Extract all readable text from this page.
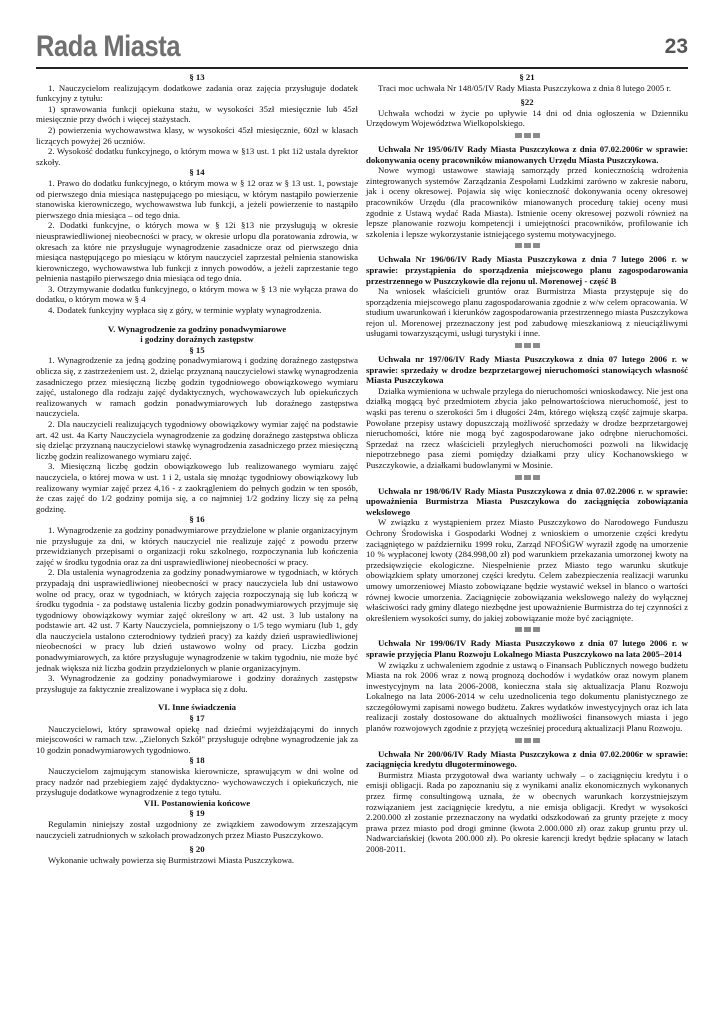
Rada Miasta	23

§ 13

1. Nauczycielom realizującym dodatkowe zadania oraz zajęcia przysługuje dodatek funkcyjny z tytułu:

1) sprawowania funkcji opiekuna stażu, w wysokości 35zł miesięcznie lub 45zł miesięcznie przy dwóch i więcej stażystach.

2) powierzenia wychowawstwa klasy, w wysokości 45zł miesięcznie, 60zł w klasach liczących powyżej 26 uczniów.

2. Wysokość dodatku funkcyjnego, o którym mowa w §13 ust. 1 pkt 1i2 ustala dyrektor szkoły.

§ 14

1. Prawo do dodatku funkcyjnego, o którym mowa w § 12 oraz w § 13 ust. 1, powstaje od pierwszego dnia miesiąca następującego po miesiącu, w którym nastąpiło powierzenie stanowiska kierowniczego, wychowawstwa lub funkcji, a jeżeli powierzenie to nastąpiło pierwszego dnia miesiąca – od tego dnia.

2. Dodatki funkcyjne, o których mowa w § 12i §13 nie przysługują w okresie nieusprawiedliwionej nieobecności w pracy, w okresie urlopu dla poratowania zdrowia, w okresach za które nie przysługuje wynagrodzenie zasadnicze oraz od pierwszego dnia miesiąca następującego po miesiącu w którym nauczyciel zaprzestał pełnienia stanowiska kierowniczego, wychowawstwa lub funkcji z innych powodów, a jeżeli zaprzestanie tego pełnienia nastąpiło pierwszego dnia miesiąca od tego dnia.

3. Otrzymywanie dodatku funkcyjnego, o którym mowa w § 13 nie wyłącza prawa do dodatku, o którym mowa w § 4

4. Dodatek funkcyjny wypłaca się z góry, w terminie wypłaty wynagrodzenia.

V. Wynagrodzenie za godziny ponadwymiarowe

i godziny doraźnych zastępstw

§ 15

1. Wynagrodzenie za jedną godzinę ponadwymiarową i godzinę doraźnego zastępstwa oblicza się, z zastrzeżeniem ust. 2, dzieląc przyznaną nauczycielowi stawkę wynagrodzenia zasadniczego przez miesięczną liczbę godzin tygodniowego obowiązkowego wymiaru zajęć, ustalonego dla rodzaju zajęć dydaktycznych, wychowawczych lub opiekuńczych realizowanych w ramach godzin ponadwymiarowych lub doraźnego zastępstwa nauczyciela.

2. Dla nauczycieli realizujących tygodniowy obowiązkowy wymiar zajęć na podstawie art. 42 ust. 4a Karty Nauczyciela wynagrodzenie za godzinę doraźnego zastępstwa oblicza się dzieląc przyznaną nauczycielowi stawkę wynagrodzenia zasadniczego przez miesięczną liczbę godzin realizowanego wymiaru zajęć.

3. Miesięczną liczbę godzin obowiązkowego lub realizowanego wymiaru zajęć nauczyciela, o której mowa w ust. 1 i 2, ustala się mnożąc tygodniowy obowiązkowy lub realizowany wymiar zajęć przez 4,16 - z zaokrągleniem do pełnych godzin w ten sposób, że czas zajęć do 1/2 godziny pomija się, a co najmniej 1/2 godziny liczy się za pełną godzinę.

§ 16

1. Wynagrodzenie za godziny ponadwymiarowe przydzielone w planie organizacyjnym nie przysługuje za dni, w których nauczyciel nie realizuje zajęć z powodu przerw przewidzianych przepisami o organizacji roku szkolnego, rozpoczynania lub kończenia zajęć w środku tygodnia oraz za dni usprawiedliwionej nieobecności w pracy.

2. Dla ustalenia wynagrodzenia za godziny ponadwymiarowe w tygodniach, w których przypadają dni usprawiedliwionej nieobecności w pracy nauczyciela lub dni ustawowo wolne od pracy, oraz w tygodniach, w których zajęcia rozpoczynają się lub kończą w środku tygodnia - za podstawę ustalenia liczby godzin ponadwymiarowych przyjmuje się tygodniowy obowiązkowy wymiar zajęć określony w art. 42 ust. 3 lub ustalony na podstawie art. 42 ust. 7 Karty Nauczyciela, pomniejszony o 1/5 tego wymiaru (lub 1, gdy dla nauczyciela ustalono czterodniowy tydzień pracy) za każdy dzień usprawiedliwionej nieobecności w pracy lub dzień ustawowo wolny od pracy. Liczba godzin ponadwymiarowych, za które przysługuje wynagrodzenie w takim tygodniu, nie może być jednak większa niż liczba godzin przydzielonych w planie organizacyjnym.

3. Wynagrodzenie za godziny ponadwymiarowe i godziny doraźnych zastępstw przysługuje za faktycznie zrealizowane i wypłaca się z dołu.

VI. Inne świadczenia

§ 17

Nauczycielowi, który sprawował opiekę nad dziećmi wyjeżdżającymi do innych miejscowości w ramach tzw. „Zielonych Szkół" przysługuje odrębne wynagrodzenie jak za 10 godzin ponadwymiarowych tygodniowo.

§ 18

Nauczycielom zajmującym stanowiska kierownicze, sprawującym w dni wolne od pracy nadzór nad przebiegiem zajęć dydaktyczno- wychowawczych i opiekuńczych, nie przysługuje dodatkowe wynagrodzenie z tego tytułu.

VII. Postanowienia końcowe

§ 19

Regulamin niniejszy został uzgodniony ze związkiem zawodowym zrzeszającym nauczycieli zatrudnionych w szkołach prowadzonych przez Miasto Puszczykowo.

§ 20

Wykonanie uchwały powierza się Burmistrzowi Miasta Puszczykowa.

§ 21

Traci moc uchwała Nr 148/05/IV Rady Miasta Puszczykowa z dnia 8 lutego 2005 r.

§22

Uchwała wchodzi w życie po upływie 14 dni od dnia ogłoszenia w Dzienniku Urzędowym Województwa Wielkopolskiego.

Uchwała Nr 195/06/IV Rady Miasta Puszczykowa z dnia 07.02.2006r w sprawie: dokonywania oceny pracowników mianowanych Urzędu Miasta Puszczykowa.

Nowe wymogi ustawowe stawiają samorządy przed koniecznością wdrożenia zintegrowanych systemów Zarządzania Zespołami Ludzkimi zarówno w zakresie naboru, jak i oceny okresowej. Pojawia się więc konieczność dokonywania oceny okresowej pracowników Urzędu (dla pracowników mianowanych procedurę takiej oceny musi zgodnie z Ustawą wydać Rada Miasta). Istnienie oceny okresowej pozwoli również na lepsze planowanie rozwoju kompetencji i umiejętności pracowników, profilowanie ich szkolenia i lepsze wykorzystanie istniejącego systemu motywacyjnego.

Uchwała Nr 196/06/IV Rady Miasta Puszczykowa z dnia 7 lutego 2006 r. w sprawie: przystąpienia do sporządzenia miejscowego planu zagospodarowania przestrzennego w Puszczykowie dla rejonu ul. Morenowej - część B

Na wniosek właścicieli gruntów oraz Burmistrza Miasta przystępuje się do sporządzenia miejscowego planu zagospodarowania zgodnie z w/w celem opracowania. W studium uwarunkowań i kierunków zagospodarowania przestrzennego miasta Puszczykowa rejon ul. Morenowej przeznaczony jest pod zabudowę mieszkaniową z nieuciążliwymi usługami towarzyszącymi, usługi turystyki i inne.

Uchwała nr 197/06/IV Rady Miasta Puszczykowa z dnia 07 lutego 2006 r. w sprawie: sprzedaży w drodze bezprzetargowej nieruchomości stanowiących własność Miasta Puszczykowa

Działka wymieniona w uchwale przylega do nieruchomości wnioskodawcy. Nie jest ona działką mogącą być przedmiotem zbycia jako pełnowartościowa nieruchomość, jest to wąski pas terenu o szerokości 5m i długości 24m, którego większą część zajmuje skarpa. Powołane przepisy ustawy dopuszczają możliwość sprzedaży w drodze bezprzetargowej nieruchomości, które nie mogą być zagospodarowane jako odrębne nieruchomości. Sprzedaż na rzecz właścicieli przyległych nieruchomości pozwoli na likwidację niepotrzebnego pasa ziemi pomiędzy działkami przy ulicy Kochanowskiego w Puszczykowie, a działkami budowlanymi w Mosinie.

Uchwała nr 198/06/IV Rady Miasta Puszczykowa z dnia 07.02.2006 r. w sprawie: upoważnienia Burmistrza Miasta Puszczykowa do zaciągnięcia zobowiązania wekslowego

W związku z wystąpieniem przez Miasto Puszczykowo do Narodowego Funduszu Ochrony Środowiska i Gospodarki Wodnej z wnioskiem o umorzenie części kredytu zaciągniętego w październiku 1999 roku, Zarząd NFOŚiGW wyraził zgodę na umorzenie 10 % wypłaconej kwoty (284.998,00 zł) pod warunkiem przekazania umorzonej kwoty na przedsięwzięcie ekologiczne. Niespełnienie przez Miasto tego warunku skutkuje obowiązkiem spłaty umorzonej części kredytu. Celem zabezpieczenia realizacji warunku umowy umorzeniowej Miasto zobowiązane będzie wystawić weksel in blanco o wartości równej kwocie umorzenia. Zaciągnięcie zobowiązania wekslowego należy do wyłącznej właściwości rady gminy dlatego niezbędne jest upoważnienie Burmistrza do tej czynności z określeniem wysokości sumy, do jakiej zobowiązanie może być zaciągnięte.

Uchwała Nr 199/06/IV Rady Miasta Puszczykowo z dnia 07 lutego 2006 r. w sprawie przyjęcia Planu Rozwoju Lokalnego Miasta Puszczykowo na lata 2005–2014

W związku z uchwaleniem zgodnie z ustawą o Finansach Publicznych nowego budżetu Miasta na rok 2006 wraz z nową prognozą dochodów i wydatków oraz nowym planem inwestycyjnym na lata 2006-2008, konieczna stała się aktualizacja Planu Rozwoju Lokalnego na lata 2006-2014 w celu uzednolicenia tego dokumentu planistycznego ze szczegółowymi zapisami nowego budżetu. Zakres wydatków inwestycyjnych oraz ich lata realizacji zostały dostosowane do aktualnych możliwości finansowych miasta i jego planów rozwojowych zgodnie z przyjętą wcześniej procedurą aktualizacji Planu Rozwoju.

Uchwała Nr 200/06/IV Rady Miasta Puszczykowa z dnia 07.02.2006r w sprawie: zaciągnięcia kredytu długoterminowego.

Burmistrz Miasta przygotował dwa warianty uchwały – o zaciągnięciu kredytu i o emisji obligacji. Rada po zapoznaniu się z wynikami analiz ekonomicznych wykonanych przez firmę consultingową uznała, że w obecnych warunkach korzystniejszym rozwiązaniem jest zaciągnięcie kredytu, a nie emisja obligacji. Kredyt w wysokości 2.200.000 zł zostanie przeznaczony na wydatki odszkodowań za grunty przejęte z mocy prawa przez miasto pod drogi gminne (kwota 2.000.000 zł) oraz zakup gruntu przy ul. Nadwarciańskiej (kwota 200.000 zł). Po okresie karencji kredyt będzie spłacany w latach 2008-2011.
